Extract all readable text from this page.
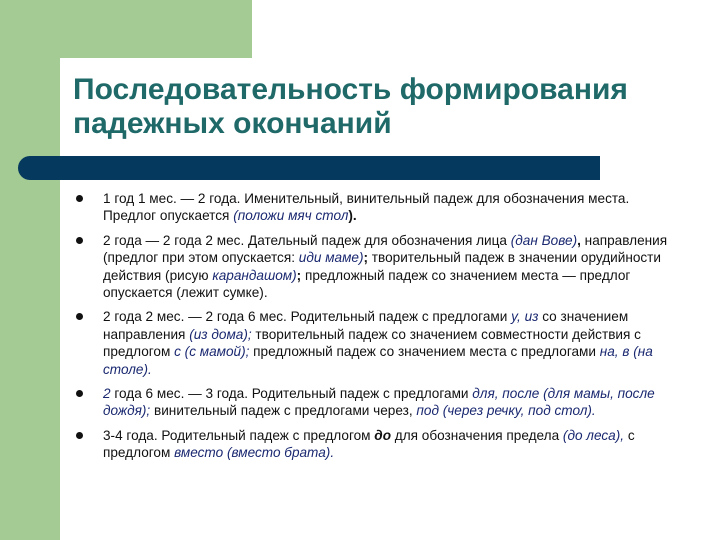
Последовательность формирования падежных окончаний
1 год 1 мес. — 2 года. Именительный, винительный падеж для обозначения места. Предлог опускается (положи мяч стол).
2 года — 2 года 2 мес. Дательный падеж для обозначения лица (дан Вове), направления (предлог при этом опускается: иди маме); творительный падеж в значении орудийности действия (рисую карандашом); предложный падеж со значением места — предлог опускается (лежит сумке).
2 года 2 мес. — 2 года 6 мес. Родительный падеж с предлогами у, из со значением направления (из дома); творительный падеж со значением совместности действия с предлогом с (с мамой); предложный падеж со значением места с предлогами на, в (на столе).
2 года 6 мес. — 3 года. Родительный падеж с предлогами для, после (для мамы, после дождя); винительный падеж с предлогами через, под (через речку, под стол).
3-4 года. Родительный падеж с предлогом до для обозначения предела (до леса), с предлогом вместо (вместо брата).
